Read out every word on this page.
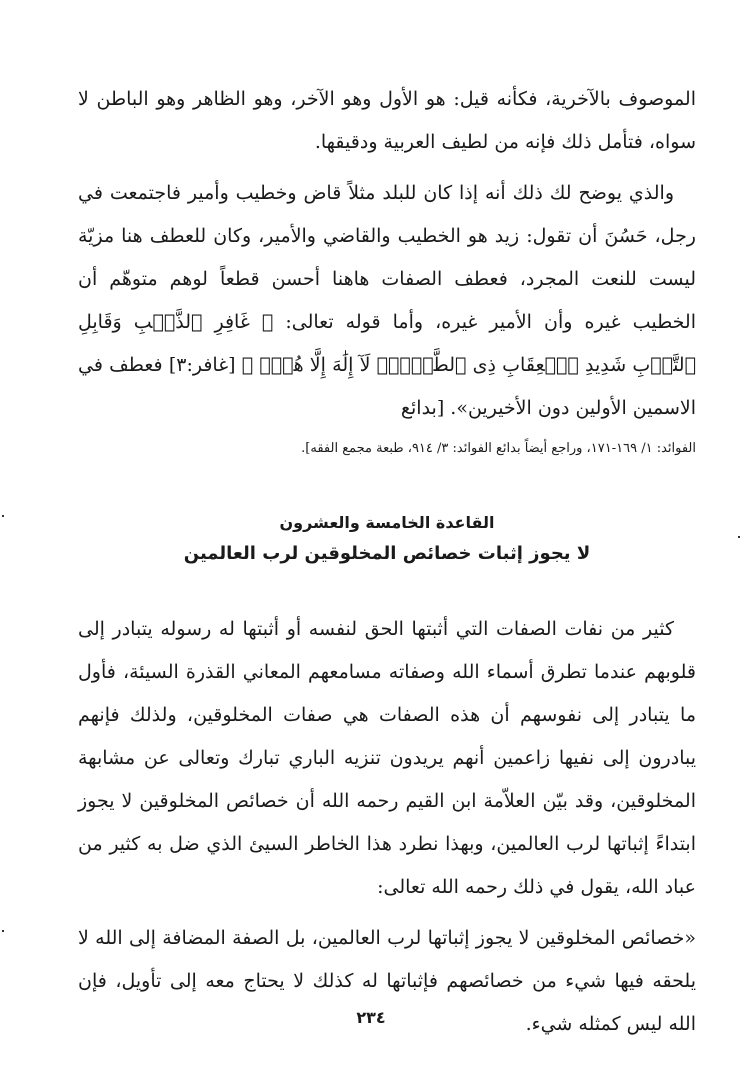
الموصوف بالآخرية، فكأنه قيل: هو الأول وهو الآخر، وهو الظاهر وهو الباطن لا سواه، فتأمل ذلك فإنه من لطيف العربية ودقيقها.

والذي يوضح لك ذلك أنه إذا كان للبلد مثلاً قاض وخطيب وأمير فاجتمعت في رجل، حَسُنَ أن تقول: زيد هو الخطيب والقاضي والأمير، وكان للعطف هنا مزيّة ليست للنعت المجرد، فعطف الصفات هاهنا أحسن قطعاً لوهم متوهّم أن الخطيب غيره وأن الأمير غيره، وأما قوله تعالى: ﴿ غَافِرِ ٱلذَّنۢبِ وَقَابِلِ ٱلتَّوۡبِ شَدِيدِ ٱلۡعِقَابِ ذِى ٱلطَّوۡلِۖ لَآ إِلَٰهَ إِلَّا هُوَۖ ﴾ [غافر:٣] فعطف في الاسمين الأولين دون الأخيرين». [بدائع

الفوائد: ١/ ١٦٩-١٧١، وراجع أيضاً بدائع الفوائد: ٣/ ٩١٤، طبعة مجمع الفقه].

القاعدة الخامسة والعشرون

لا يجوز إثبات خصائص المخلوقين لرب العالمين

كثير من نفات الصفات التي أثبتها الحق لنفسه أو أثبتها له رسوله يتبادر إلى قلوبهم عندما تطرق أسماء الله وصفاته مسامعهم المعاني القذرة السيئة، فأول ما يتبادر إلى نفوسهم أن هذه الصفات هي صفات المخلوقين، ولذلك فإنهم يبادرون إلى نفيها زاعمين أنهم يريدون تنزيه الباري تبارك وتعالى عن مشابهة المخلوقين، وقد بيّن العلاّمة ابن القيم رحمه الله أن خصائص المخلوقين لا يجوز ابتداءً إثباتها لرب العالمين، وبهذا نطرد هذا الخاطر السيئ الذي ضل به كثير من عباد الله، يقول في ذلك رحمه الله تعالى:

«خصائص المخلوقين لا يجوز إثباتها لرب العالمين، بل الصفة المضافة إلى الله لا يلحقه فيها شيء من خصائصهم فإثباتها له كذلك لا يحتاج معه إلى تأويل، فإن الله ليس كمثله شيء.

٢٣٤
